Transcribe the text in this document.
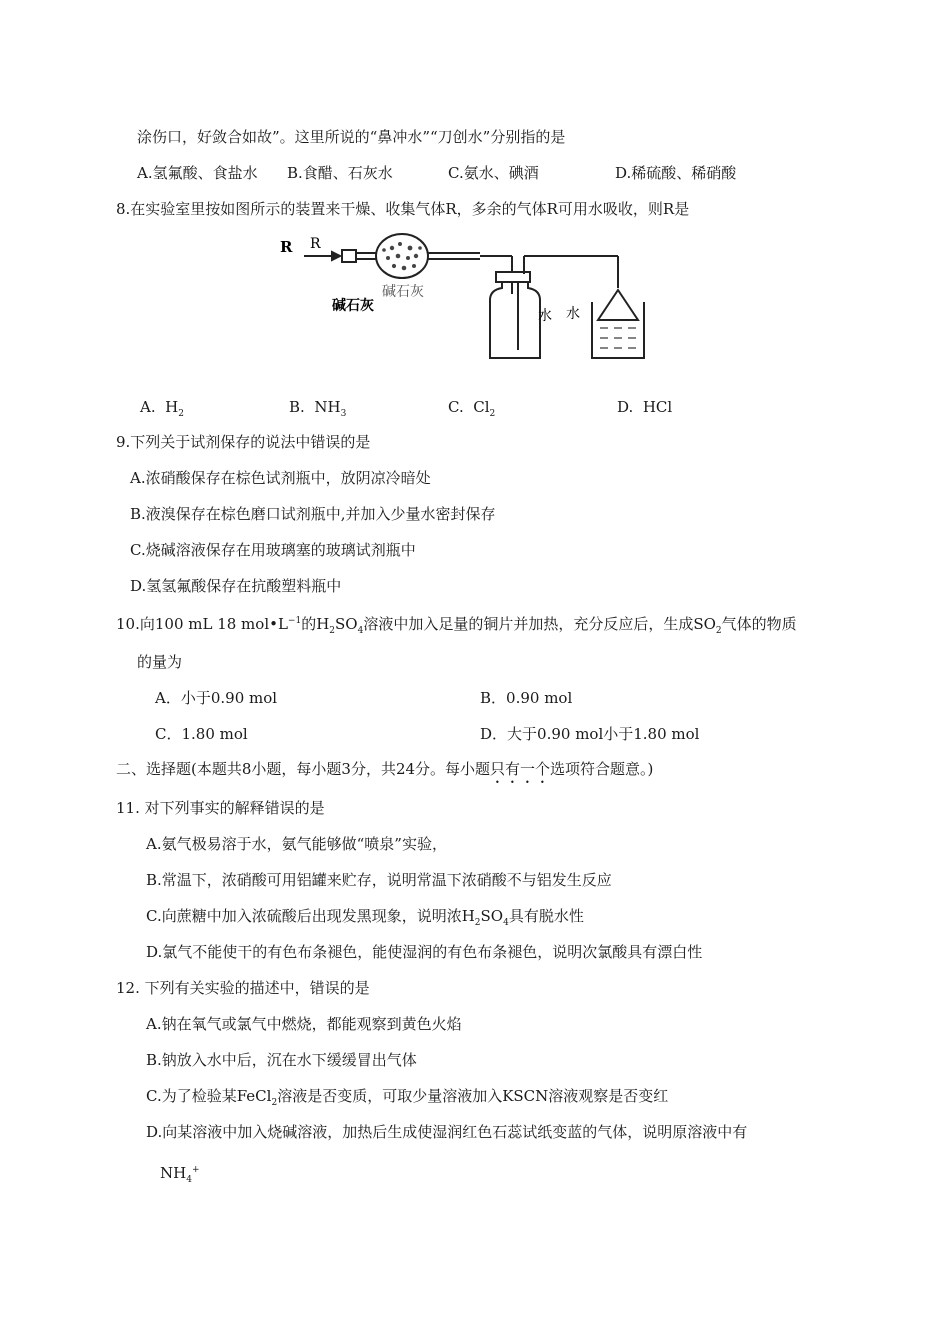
涂伤口，好敛合如故”。这里所说的“鼻冲水”“刀创水”分别指的是
A.氢氟酸、食盐水 B.食醋、石灰水	C.氨水、碘酒	D.稀硫酸、稀硝酸
8.在实验室里按如图所示的装置来干燥、收集气体R，多余的气体R可用水吸收，则R是
R R
碱石灰
碱石灰
水 水
A. $H_2$	B. $NH_3$	C. $Cl_2$	D. HCl
9.下列关于试剂保存的说法中错误的是
A.浓硝酸保存在棕色试剂瓶中，放阴凉冷暗处
B.液溴保存在棕色磨口试剂瓶中,并加入少量水密封保存
C.烧碱溶液保存在用玻璃塞的玻璃试剂瓶中
D.氢氢氟酸保存在抗酸塑料瓶中
10.向100 mL 18 $mol•L^{-1}$的$H_2SO_4$溶液中加入足量的铜片并加热，充分反应后，生成$SO_2$气体的物质
的量为
A．小于0.90 mol	B．0.90 mol
C．1.80 mol	D．大于0.90 mol小于1.80 mol
二、选择题(本题共8小题，每小题3分，共24分。每小题只有一个选项符合题意。)
11. 对下列事实的解释错误的是
A.氨气极易溶于水，氨气能够做“喷泉”实验，
B.常温下，浓硝酸可用铝罐来贮存，说明常温下浓硝酸不与铝发生反应
C.向蔗糖中加入浓硫酸后出现发黑现象，说明浓$H_2SO_4$具有脱水性
D.氯气不能使干的有色布条褪色，能使湿润的有色布条褪色，说明次氯酸具有漂白性
12. 下列有关实验的描述中，错误的是
A.钠在氧气或氯气中燃烧，都能观察到黄色火焰
B.钠放入水中后，沉在水下缓缓冒出气体
C.为了检验某FeCl$_2$溶液是否变质，可取少量溶液加入KSCN溶液观察是否变红
D.向某溶液中加入烧碱溶液，加热后生成使湿润红色石蕊试纸变蓝的气体，说明原溶液中有
$NH_4^+$
